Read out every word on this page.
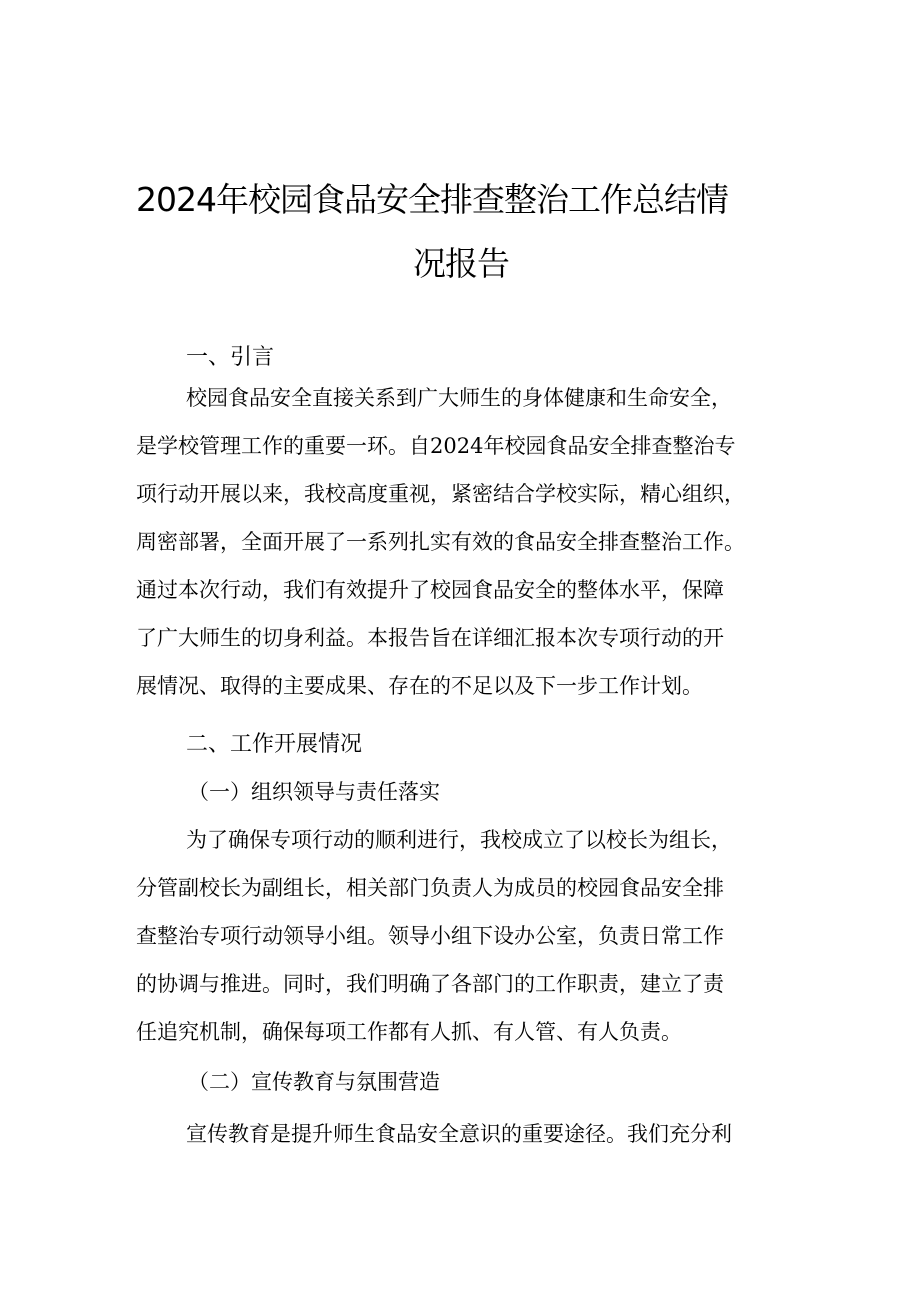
2024年校园食品安全排查整治工作总结情
况报告
一、引言
校园食品安全直接关系到广大师生的身体健康和生命安全，
是学校管理工作的重要一环。自2024年校园食品安全排查整治专
项行动开展以来，我校高度重视，紧密结合学校实际，精心组织，
周密部署，全面开展了一系列扎实有效的食品安全排查整治工作。
通过本次行动，我们有效提升了校园食品安全的整体水平，保障
了广大师生的切身利益。本报告旨在详细汇报本次专项行动的开
展情况、取得的主要成果、存在的不足以及下一步工作计划。
二、工作开展情况
（一）组织领导与责任落实
为了确保专项行动的顺利进行，我校成立了以校长为组长，
分管副校长为副组长，相关部门负责人为成员的校园食品安全排
查整治专项行动领导小组。领导小组下设办公室，负责日常工作
的协调与推进。同时，我们明确了各部门的工作职责，建立了责
任追究机制，确保每项工作都有人抓、有人管、有人负责。
（二）宣传教育与氛围营造
宣传教育是提升师生食品安全意识的重要途径。我们充分利
